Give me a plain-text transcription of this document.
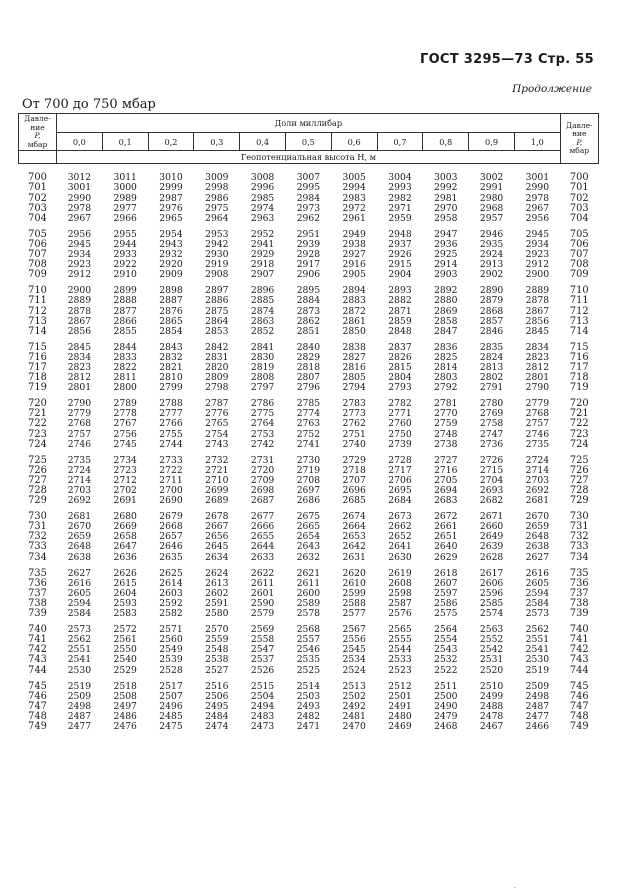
ГОСТ 3295—73 Стр. 55
Продолжение
От 700 до 750 мбар
Давле-
ние
P,
мбар	Доли миллибар											Давле-
ние
P,
мбар
	0,0	0,1	0,2	0,3	0,4	0,5	0,6	0,7	0,8	0,9	1,0	
	Геопотенциальная высота H, м											
700	3012	3011	3010	3009	3008	3007	3005	3004	3003	3002	3001	700
701	3001	3000	2999	2998	2996	2995	2994	2993	2992	2991	2990	701
702	2990	2989	2987	2986	2985	2984	2983	2982	2981	2980	2978	702
703	2978	2977	2976	2975	2974	2973	2972	2971	2970	2968	2967	703
704	2967	2966	2965	2964	2963	2962	2961	2959	2958	2957	2956	704
705	2956	2955	2954	2953	2952	2951	2949	2948	2947	2946	2945	705
706	2945	2944	2943	2942	2941	2939	2938	2937	2936	2935	2934	706
707	2934	2933	2932	2930	2929	2928	2927	2926	2925	2924	2923	707
708	2923	2922	2920	2919	2918	2917	2916	2915	2914	2913	2912	708
709	2912	2910	2909	2908	2907	2906	2905	2904	2903	2902	2900	709
710	2900	2899	2898	2897	2896	2895	2894	2893	2892	2890	2889	710
711	2889	2888	2887	2886	2885	2884	2883	2882	2880	2879	2878	711
712	2878	2877	2876	2875	2874	2873	2872	2871	2869	2868	2867	712
713	2867	2866	2865	2864	2863	2862	2861	2859	2858	2857	2856	713
714	2856	2855	2854	2853	2852	2851	2850	2848	2847	2846	2845	714
715	2845	2844	2843	2842	2841	2840	2838	2837	2836	2835	2834	715
716	2834	2833	2832	2831	2830	2829	2827	2826	2825	2824	2823	716
717	2823	2822	2821	2820	2819	2818	2816	2815	2814	2813	2812	717
718	2812	2811	2810	2809	2808	2807	2805	2804	2803	2802	2801	718
719	2801	2800	2799	2798	2797	2796	2794	2793	2792	2791	2790	719
720	2790	2789	2788	2787	2786	2785	2783	2782	2781	2780	2779	720
721	2779	2778	2777	2776	2775	2774	2773	2771	2770	2769	2768	721
722	2768	2767	2766	2765	2764	2763	2762	2760	2759	2758	2757	722
723	2757	2756	2755	2754	2753	2752	2751	2750	2748	2747	2746	723
724	2746	2745	2744	2743	2742	2741	2740	2739	2738	2736	2735	724
725	2735	2734	2733	2732	2731	2730	2729	2728	2727	2726	2724	725
726	2724	2723	2722	2721	2720	2719	2718	2717	2716	2715	2714	726
727	2714	2712	2711	2710	2709	2708	2707	2706	2705	2704	2703	727
728	2703	2702	2700	2699	2698	2697	2696	2695	2694	2693	2692	728
729	2692	2691	2690	2689	2687	2686	2685	2684	2683	2682	2681	729
730	2681	2680	2679	2678	2677	2675	2674	2673	2672	2671	2670	730
731	2670	2669	2668	2667	2666	2665	2664	2662	2661	2660	2659	731
732	2659	2658	2657	2656	2655	2654	2653	2652	2651	2649	2648	732
733	2648	2647	2646	2645	2644	2643	2642	2641	2640	2639	2638	733
734	2638	2636	2635	2634	2633	2632	2631	2630	2629	2628	2627	734
735	2627	2626	2625	2624	2622	2621	2620	2619	2618	2617	2616	735
736	2616	2615	2614	2613	2611	2611	2610	2608	2607	2606	2605	736
737	2605	2604	2603	2602	2601	2600	2599	2598	2597	2596	2594	737
738	2594	2593	2592	2591	2590	2589	2588	2587	2586	2585	2584	738
739	2584	2583	2582	2580	2579	2578	2577	2576	2575	2574	2573	739
740	2573	2572	2571	2570	2569	2568	2567	2565	2564	2563	2562	740
741	2562	2561	2560	2559	2558	2557	2556	2555	2554	2552	2551	741
742	2551	2550	2549	2548	2547	2546	2545	2544	2543	2542	2541	742
743	2541	2540	2539	2538	2537	2535	2534	2533	2532	2531	2530	743
744	2530	2529	2528	2527	2526	2525	2524	2523	2522	2520	2519	744
745	2519	2518	2517	2516	2515	2514	2513	2512	2511	2510	2509	745
746	2509	2508	2507	2506	2504	2503	2502	2501	2500	2499	2498	746
747	2498	2497	2496	2495	2494	2493	2492	2491	2490	2488	2487	747
748	2487	2486	2485	2484	2483	2482	2481	2480	2479	2478	2477	748
749	2477	2476	2475	2474	2473	2471	2470	2469	2468	2467	2466	749
·
